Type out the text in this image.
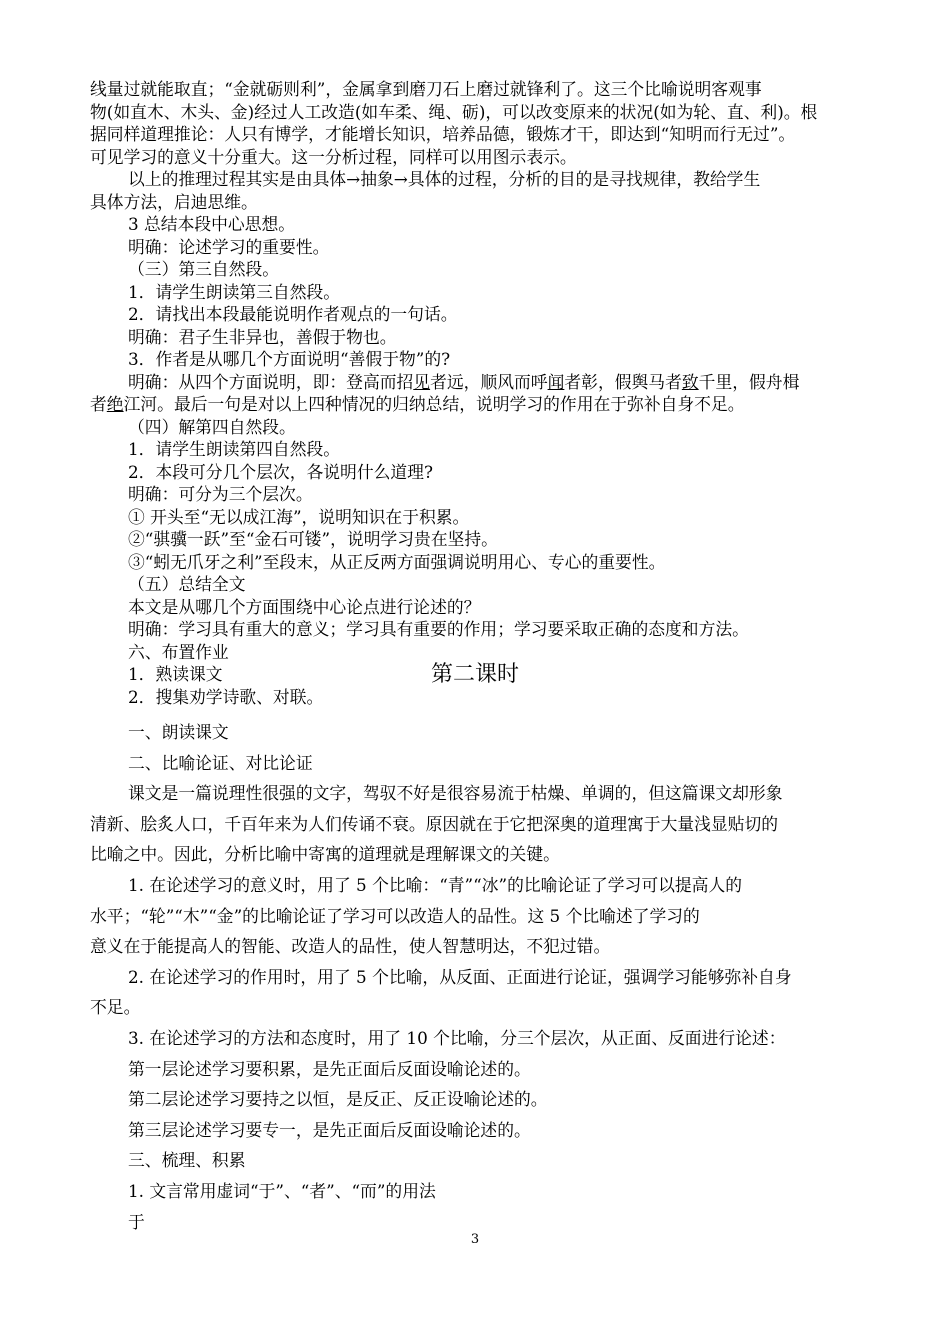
线量过就能取直；“金就砺则利”，金属拿到磨刀石上磨过就锋利了。这三个比喻说明客观事

物(如直木、木头、金)经过人工改造(如车柔、绳、砺)，可以改变原来的状况(如为轮、直、利)。根

据同样道理推论：人只有博学，才能增长知识，培养品德，锻炼才干，即达到“知明而行无过”。

可见学习的意义十分重大。这一分析过程，同样可以用图示表示。

以上的推理过程其实是由具体→抽象→具体的过程，分析的目的是寻找规律，教给学生

具体方法，启迪思维。

3 总结本段中心思想。

明确：论述学习的重要性。

（三）第三自然段。

1．请学生朗读第三自然段。

2．请找出本段最能说明作者观点的一句话。

明确：君子生非异也，善假于物也。

3．作者是从哪几个方面说明“善假于物”的?

明确：从四个方面说明，即：登高而招见者远，顺风而呼闻者彰，假舆马者致千里，假舟楫

者绝江河。最后一句是对以上四种情况的归纳总结，说明学习的作用在于弥补自身不足。

（四）解第四自然段。

1．请学生朗读第四自然段。

2．本段可分几个层次，各说明什么道理?

明确：可分为三个层次。

① 开头至“无以成江海”，说明知识在于积累。

②“骐骥一跃”至“金石可镂”，说明学习贵在坚持。

③“蚓无爪牙之利”至段末，从正反两方面强调说明用心、专心的重要性。

（五）总结全文

本文是从哪几个方面围绕中心论点进行论述的？

明确：学习具有重大的意义；学习具有重要的作用；学习要采取正确的态度和方法。

六、布置作业

1．熟读课文

2．搜集劝学诗歌、对联。

第二课时

一、朗读课文

二、比喻论证、对比论证

课文是一篇说理性很强的文字，驾驭不好是很容易流于枯燥、单调的，但这篇课文却形象

清新、脍炙人口，千百年来为人们传诵不衰。原因就在于它把深奥的道理寓于大量浅显贴切的

比喻之中。因此，分析比喻中寄寓的道理就是理解课文的关键。

1. 在论述学习的意义时，用了 5 个比喻：“青”“冰”的比喻论证了学习可以提高人的

水平；“轮”“木”“金”的比喻论证了学习可以改造人的品性。这 5 个比喻述了学习的

意义在于能提高人的智能、改造人的品性，使人智慧明达，不犯过错。

2. 在论述学习的作用时，用了 5 个比喻，从反面、正面进行论证，强调学习能够弥补自身

不足。

3. 在论述学习的方法和态度时，用了 10 个比喻，分三个层次，从正面、反面进行论述：

第一层论述学习要积累，是先正面后反面设喻论述的。

第二层论述学习要持之以恒，是反正、反正设喻论述的。

第三层论述学习要专一，是先正面后反面设喻论述的。

三、梳理、积累

1. 文言常用虚词“于”、“者”、“而”的用法

于

3
